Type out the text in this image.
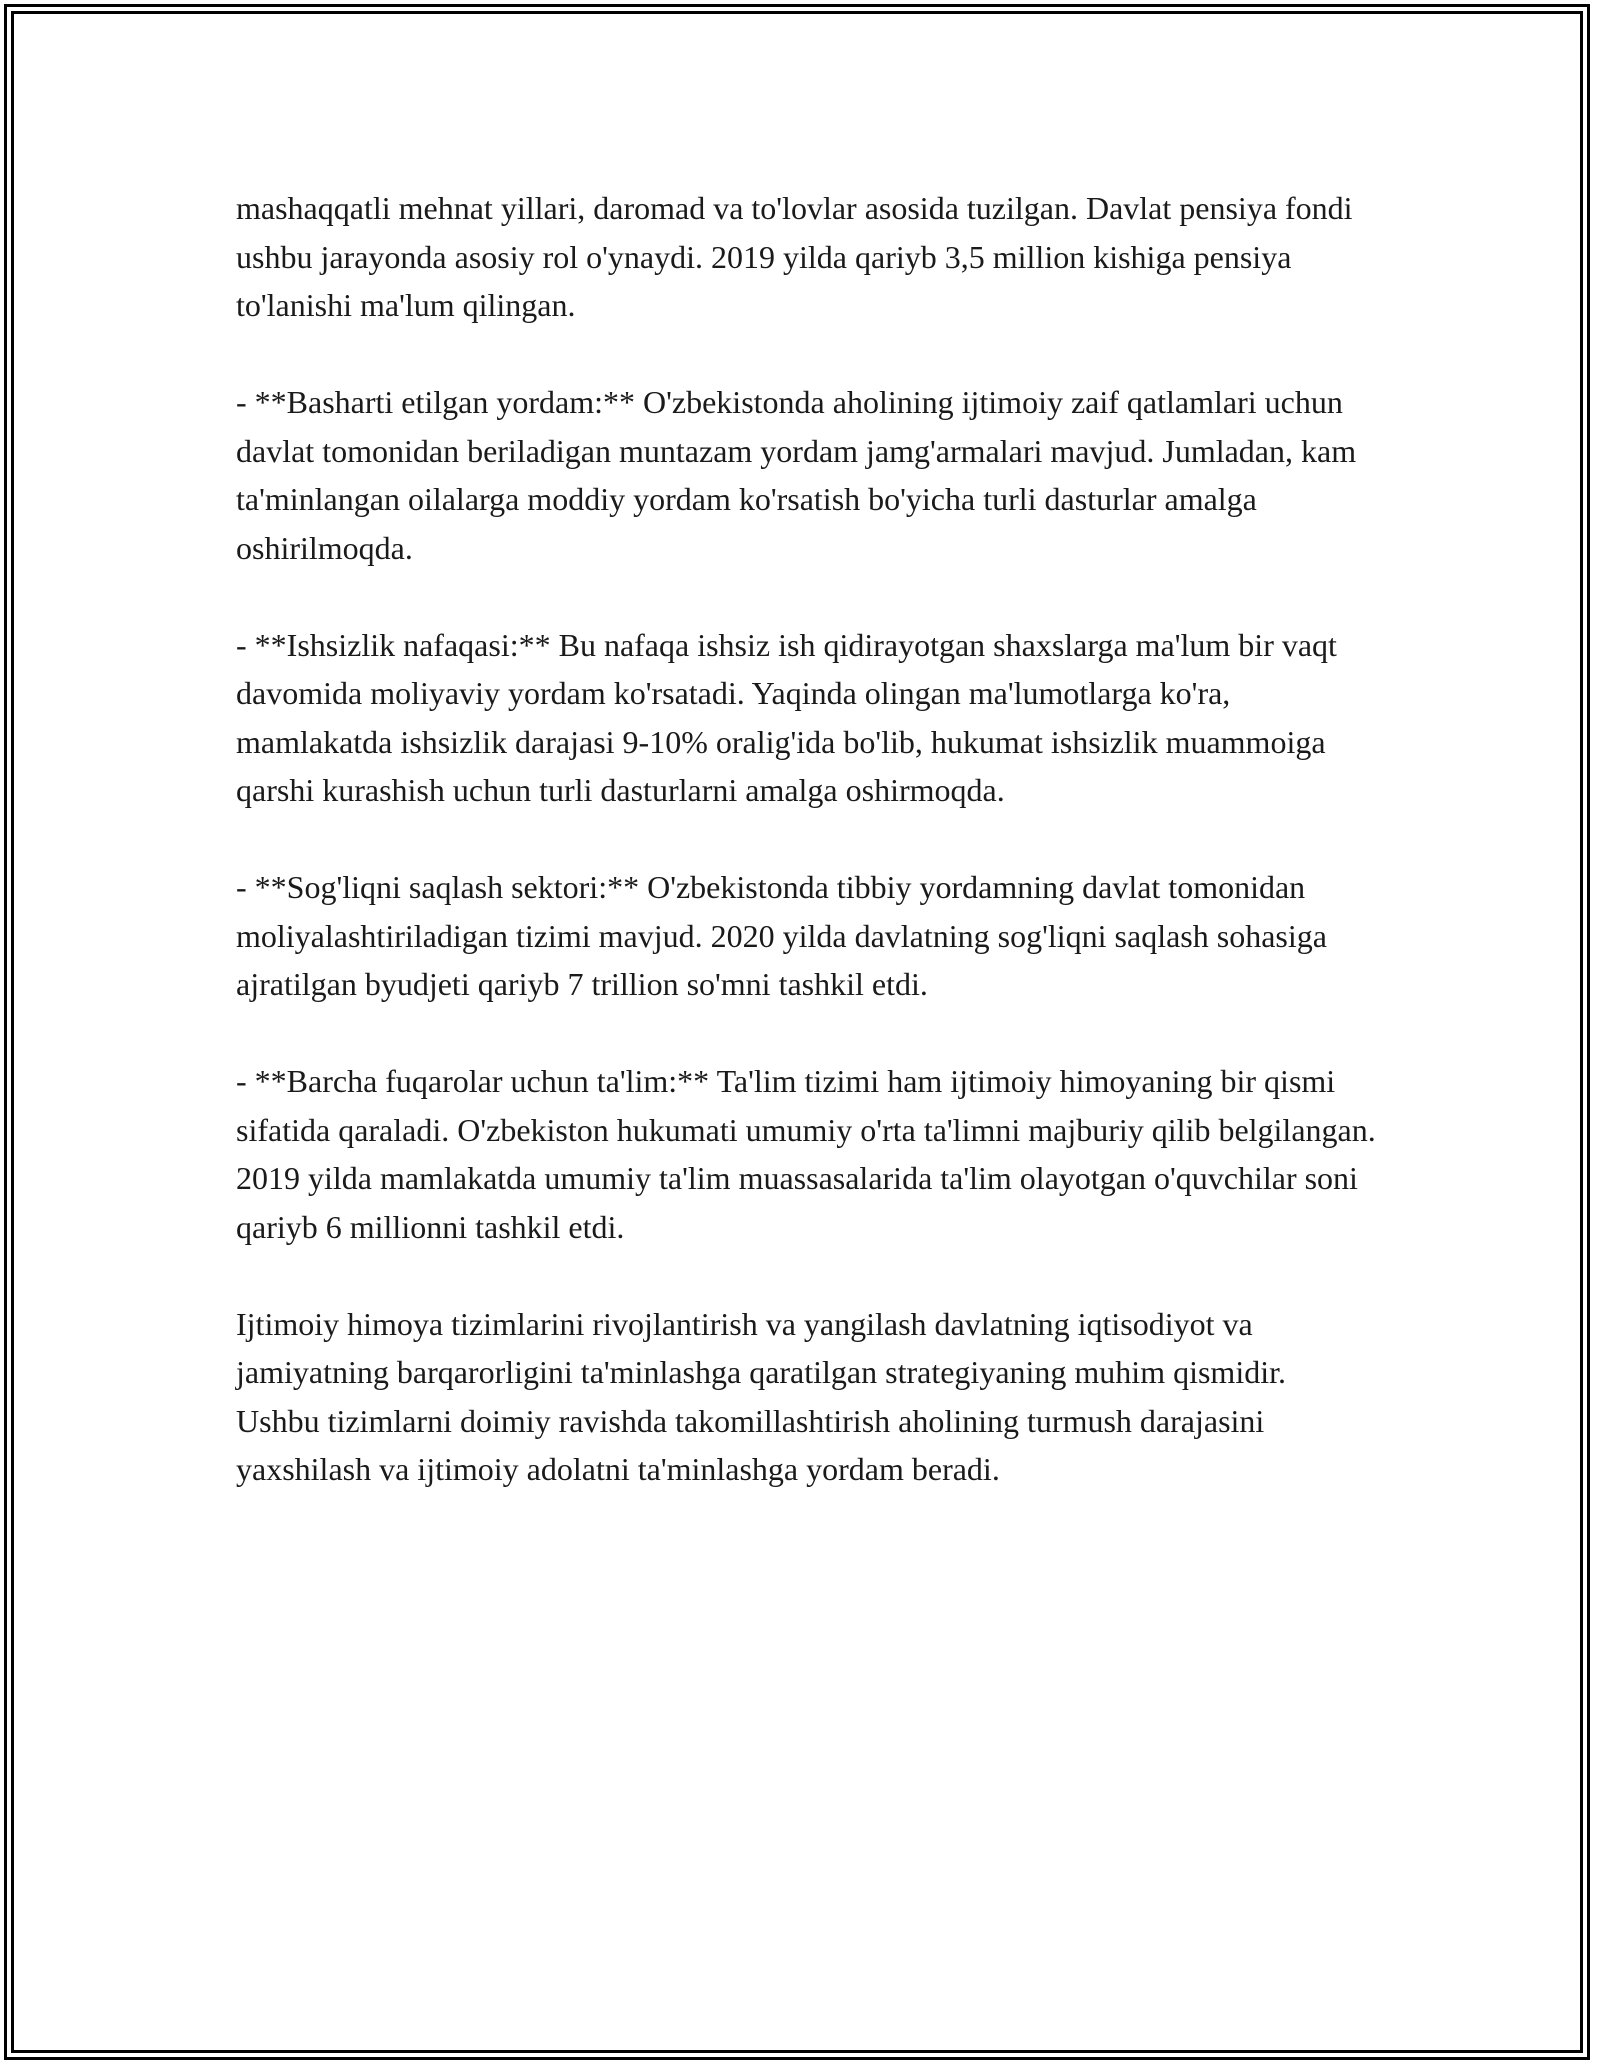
mashaqqatli mehnat yillari, daromad va to'lovlar asosida tuzilgan. Davlat pensiya fondi ushbu jarayonda asosiy rol o'ynaydi. 2019 yilda qariyb 3,5 million kishiga pensiya to'lanishi ma'lum qilingan.

- **Basharti etilgan yordam:** O'zbekistonda aholining ijtimoiy zaif qatlamlari uchun davlat tomonidan beriladigan muntazam yordam jamg'armalari mavjud. Jumladan, kam ta'minlangan oilalarga moddiy yordam ko'rsatish bo'yicha turli dasturlar amalga oshirilmoqda.

- **Ishsizlik nafaqasi:** Bu nafaqa ishsiz ish qidirayotgan shaxslarga ma'lum bir vaqt davomida moliyaviy yordam ko'rsatadi. Yaqinda olingan ma'lumotlarga ko'ra, mamlakatda ishsizlik darajasi 9-10% oralig'ida bo'lib, hukumat ishsizlik muammoiga qarshi kurashish uchun turli dasturlarni amalga oshirmoqda.

- **Sog'liqni saqlash sektori:** O'zbekistonda tibbiy yordamning davlat tomonidan moliyalashtiriladigan tizimi mavjud. 2020 yilda davlatning sog'liqni saqlash sohasiga ajratilgan byudjeti qariyb 7 trillion so'mni tashkil etdi.

- **Barcha fuqarolar uchun ta'lim:** Ta'lim tizimi ham ijtimoiy himoyaning bir qismi sifatida qaraladi. O'zbekiston hukumati umumiy o'rta ta'limni majburiy qilib belgilangan. 2019 yilda mamlakatda umumiy ta'lim muassasalarida ta'lim olayotgan o'quvchilar soni qariyb 6 millionni tashkil etdi.

Ijtimoiy himoya tizimlarini rivojlantirish va yangilash davlatning iqtisodiyot va jamiyatning barqarorligini ta'minlashga qaratilgan strategiyaning muhim qismidir. Ushbu tizimlarni doimiy ravishda takomillashtirish aholining turmush darajasini yaxshilash va ijtimoiy adolatni ta'minlashga yordam beradi.
